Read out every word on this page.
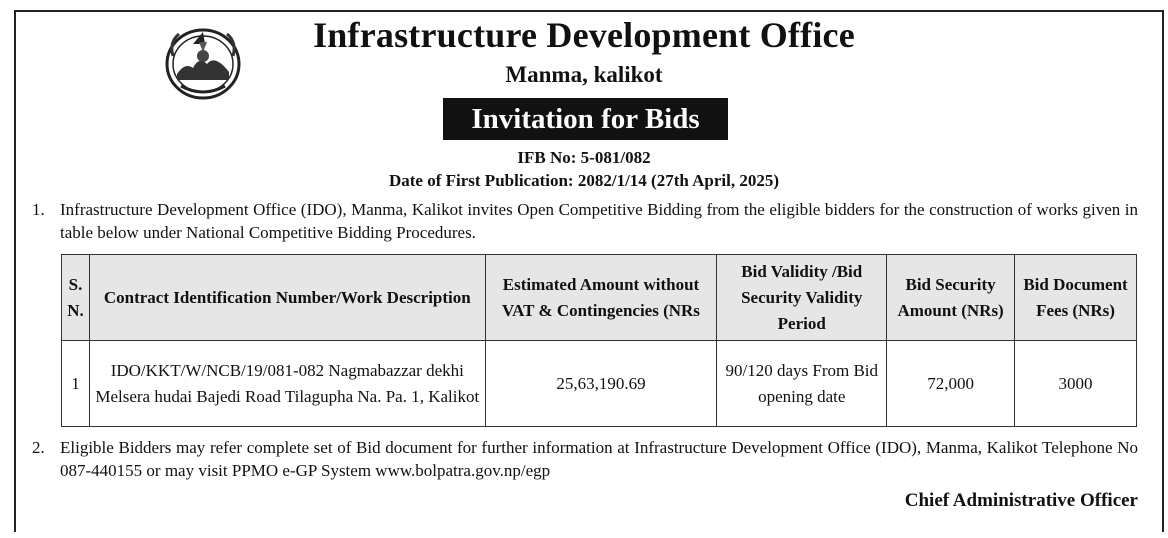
Infrastructure Development Office
Manma, kalikot
Invitation for Bids
IFB No: 5-081/082
Date of First Publication: 2082/1/14 (27th April, 2025)
1. Infrastructure Development Office (IDO), Manma, Kalikot invites Open Competitive Bidding from the eligible bidders for the construction of works given in table below under National Competitive Bidding Procedures.
S. N.	Contract Identification Number/Work Description	Estimated Amount without VAT & Contingencies (NRs	Bid Validity /Bid Security Validity Period	Bid Security Amount (NRs)	Bid Document Fees (NRs)
1	IDO/KKT/W/NCB/19/081-082 Nagmabazzar dekhi Melsera hudai Bajedi Road Tilagupha Na. Pa. 1, Kalikot	25,63,190.69	90/120 days From Bid opening date	72,000	3000
2. Eligible Bidders may refer complete set of Bid document for further information at Infrastructure Development Office (IDO), Manma, Kalikot Telephone No 087-440155 or may visit PPMO e-GP System www.bolpatra.gov.np/egp
Chief Administrative Officer
